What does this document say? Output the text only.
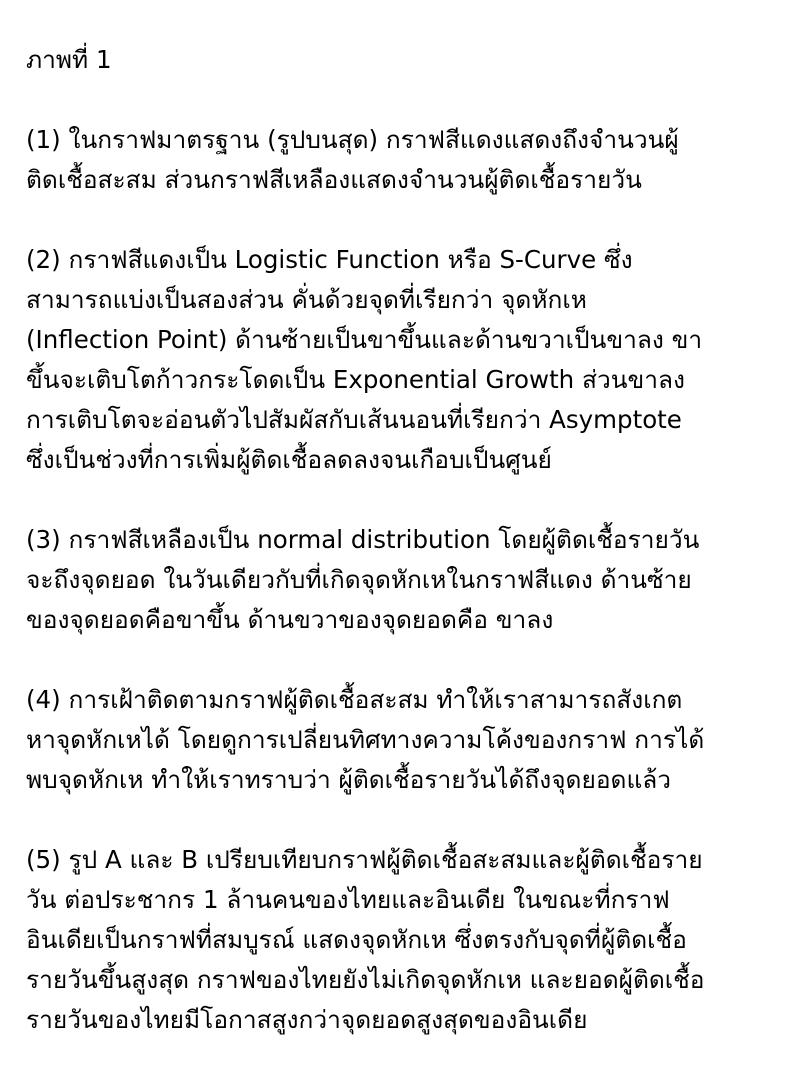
ภาพที่ 1
(1) ในกราฟมาตรฐาน (รูปบนสุด) กราฟสีแดงแสดงถึงจำนวนผู้
ติดเชื้อสะสม ส่วนกราฟสีเหลืองแสดงจำนวนผู้ติดเชื้อรายวัน
(2) กราฟสีแดงเป็น Logistic Function หรือ S-Curve ซึ่ง
สามารถแบ่งเป็นสองส่วน คั่นด้วยจุดที่เรียกว่า จุดหักเห
(Inflection Point) ด้านซ้ายเป็นขาขึ้นและด้านขวาเป็นขาลง ขา
ขึ้นจะเติบโตก้าวกระโดดเป็น Exponential Growth ส่วนขาลง
การเติบโตจะอ่อนตัวไปสัมผัสกับเส้นนอนที่เรียกว่า Asymptote
ซึ่งเป็นช่วงที่การเพิ่มผู้ติดเชื้อลดลงจนเกือบเป็นศูนย์
(3) กราฟสีเหลืองเป็น normal distribution โดยผู้ติดเชื้อรายวัน
จะถึงจุดยอด ในวันเดียวกับที่เกิดจุดหักเหในกราฟสีแดง ด้านซ้าย
ของจุดยอดคือขาขึ้น ด้านขวาของจุดยอดคือ ขาลง
(4) การเฝ้าติดตามกราฟผู้ติดเชื้อสะสม ทำให้เราสามารถสังเกต
หาจุดหักเหได้ โดยดูการเปลี่ยนทิศทางความโค้งของกราฟ การได้
พบจุดหักเห ทำให้เราทราบว่า ผู้ติดเชื้อรายวันได้ถึงจุดยอดแล้ว
(5) รูป A และ B เปรียบเทียบกราฟผู้ติดเชื้อสะสมและผู้ติดเชื้อราย
วัน ต่อประชากร 1 ล้านคนของไทยและอินเดีย ในขณะที่กราฟ
อินเดียเป็นกราฟที่สมบูรณ์ แสดงจุดหักเห ซึ่งตรงกับจุดที่ผู้ติดเชื้อ
รายวันขึ้นสูงสุด กราฟของไทยยังไม่เกิดจุดหักเห และยอดผู้ติดเชื้อ
รายวันของไทยมีโอกาสสูงกว่าจุดยอดสูงสุดของอินเดีย
